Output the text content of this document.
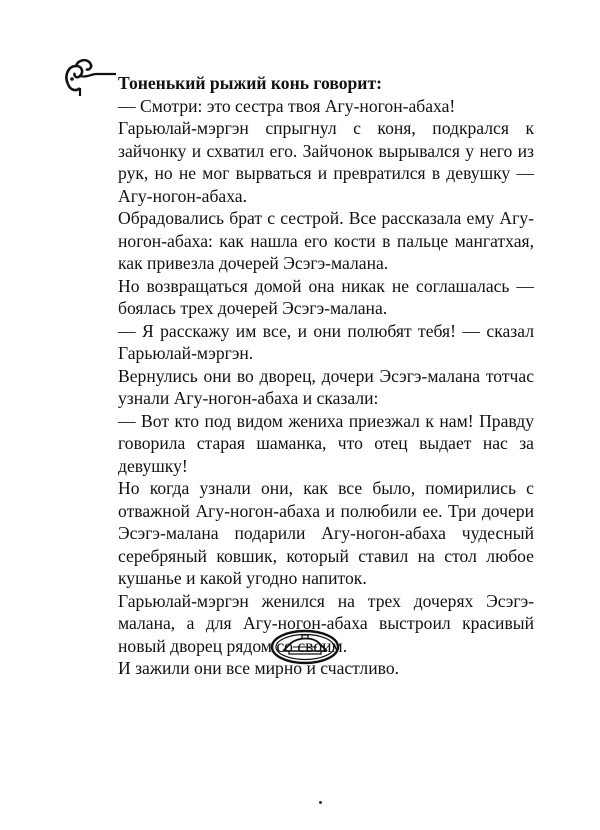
Тоненький рыжий конь говорит:

— Смотри: это сестра твоя Агу-ногон-абаха!

Гарьюлай-мэргэн спрыгнул с коня, подкрался к зайчонку и схватил его. Зайчонок вырывался у него из рук, но не мог вырваться и превратился в девушку — Агу-ногон-абаха.

Обрадовались брат с сестрой. Все рассказала ему Агу-ногон-абаха: как нашла его кости в пальце мангатхая, как привезла дочерей Эсэгэ-малана.

Но возвращаться домой она никак не соглашалась — боялась трех дочерей Эсэгэ-малана.

— Я расскажу им все, и они полюбят тебя! — сказал Гарьюлай-мэргэн.

Вернулись они во дворец, дочери Эсэгэ-малана тотчас узнали Агу-ногон-абаха и сказали:

— Вот кто под видом жениха приезжал к нам! Правду говорила старая шаманка, что отец выдает нас за девушку!

Но когда узнали они, как все было, помирились с отважной Агу-ногон-абаха и полюбили ее. Три дочери Эсэгэ-малана подарили Агу-ногон-абаха чудесный серебряный ковшик, который ставил на стол любое кушанье и какой угодно напиток.

Гарьюлай-мэргэн женился на трех дочерях Эсэгэ-малана, а для Агу-ногон-абаха выстроил красивый новый дворец рядом со своим.

И зажили они все мирно и счастливо.
